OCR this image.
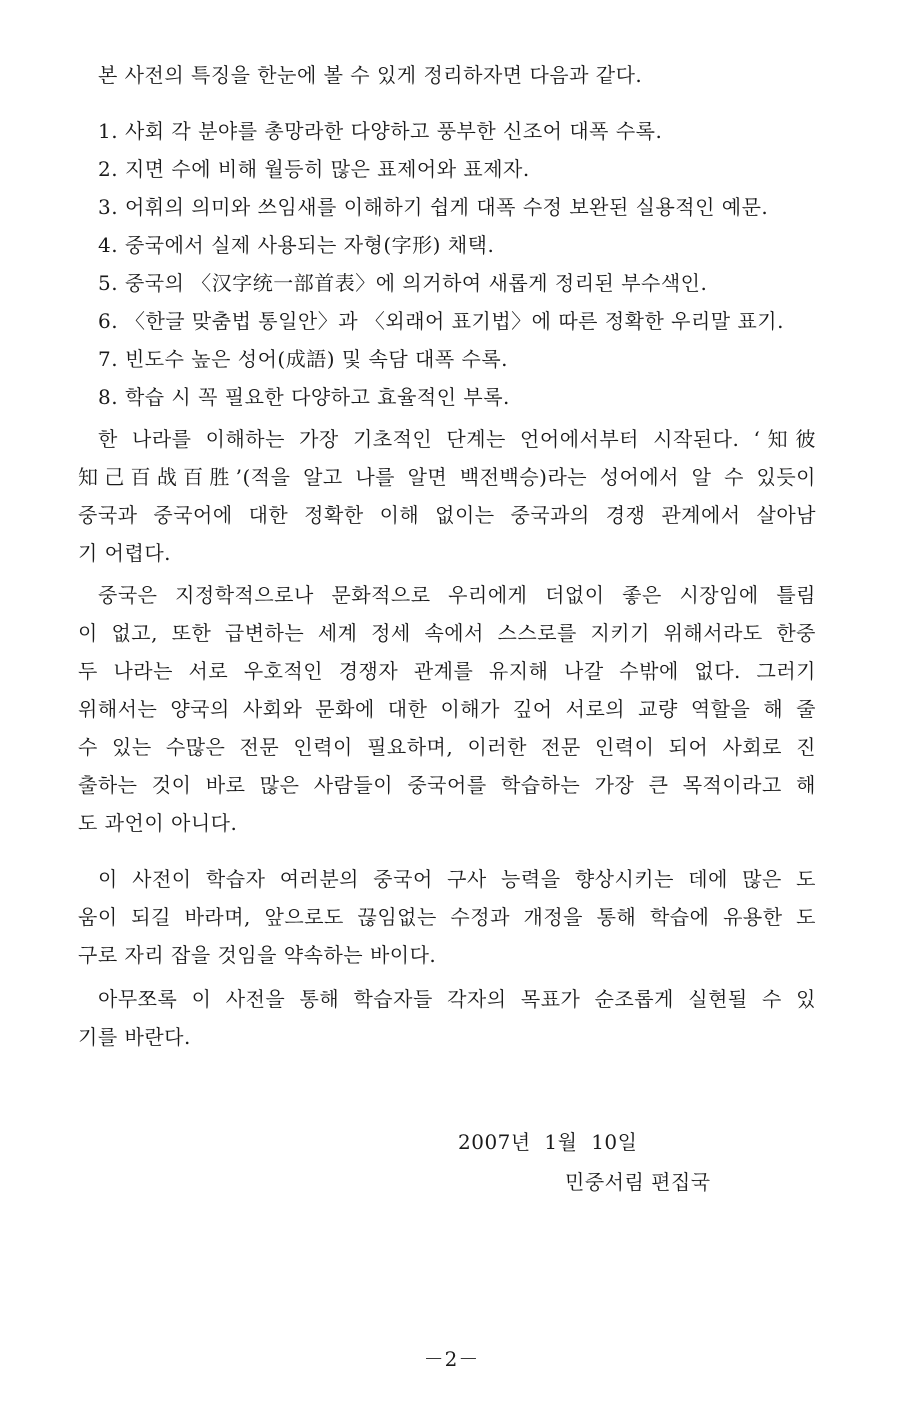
본 사전의 특징을 한눈에 볼 수 있게 정리하자면 다음과 같다.
1. 사회 각 분야를 총망라한 다양하고 풍부한 신조어 대폭 수록.
2. 지면 수에 비해 월등히 많은 표제어와 표제자.
3. 어휘의 의미와 쓰임새를 이해하기 쉽게 대폭 수정 보완된 실용적인 예문.
4. 중국에서 실제 사용되는 자형(字形) 채택.
5. 중국의 〈汉字统一部首表〉에 의거하여 새롭게 정리된 부수색인.
6. 〈한글 맞춤법 통일안〉과 〈외래어 표기법〉에 따른 정확한 우리말 표기.
7. 빈도수 높은 성어(成語) 및 속담 대폭 수록.
8. 학습 시 꼭 필요한 다양하고 효율적인 부록.
한 나라를 이해하는 가장 기초적인 단계는 언어에서부터 시작된다. ‘知彼
知己百战百胜’(적을 알고 나를 알면 백전백승)라는 성어에서 알 수 있듯이
중국과 중국어에 대한 정확한 이해 없이는 중국과의 경쟁 관계에서 살아남
기 어렵다.
중국은 지정학적으로나 문화적으로 우리에게 더없이 좋은 시장임에 틀림
이 없고, 또한 급변하는 세계 정세 속에서 스스로를 지키기 위해서라도 한중
두 나라는 서로 우호적인 경쟁자 관계를 유지해 나갈 수밖에 없다. 그러기
위해서는 양국의 사회와 문화에 대한 이해가 깊어 서로의 교량 역할을 해 줄
수 있는 수많은 전문 인력이 필요하며, 이러한 전문 인력이 되어 사회로 진
출하는 것이 바로 많은 사람들이 중국어를 학습하는 가장 큰 목적이라고 해
도 과언이 아니다.
이 사전이 학습자 여러분의 중국어 구사 능력을 향상시키는 데에 많은 도
움이 되길 바라며, 앞으로도 끊임없는 수정과 개정을 통해 학습에 유용한 도
구로 자리 잡을 것임을 약속하는 바이다.
아무쪼록 이 사전을 통해 학습자들 각자의 목표가 순조롭게 실현될 수 있
기를 바란다.
2007년  1월  10일
민중서림 편집국
－2－
